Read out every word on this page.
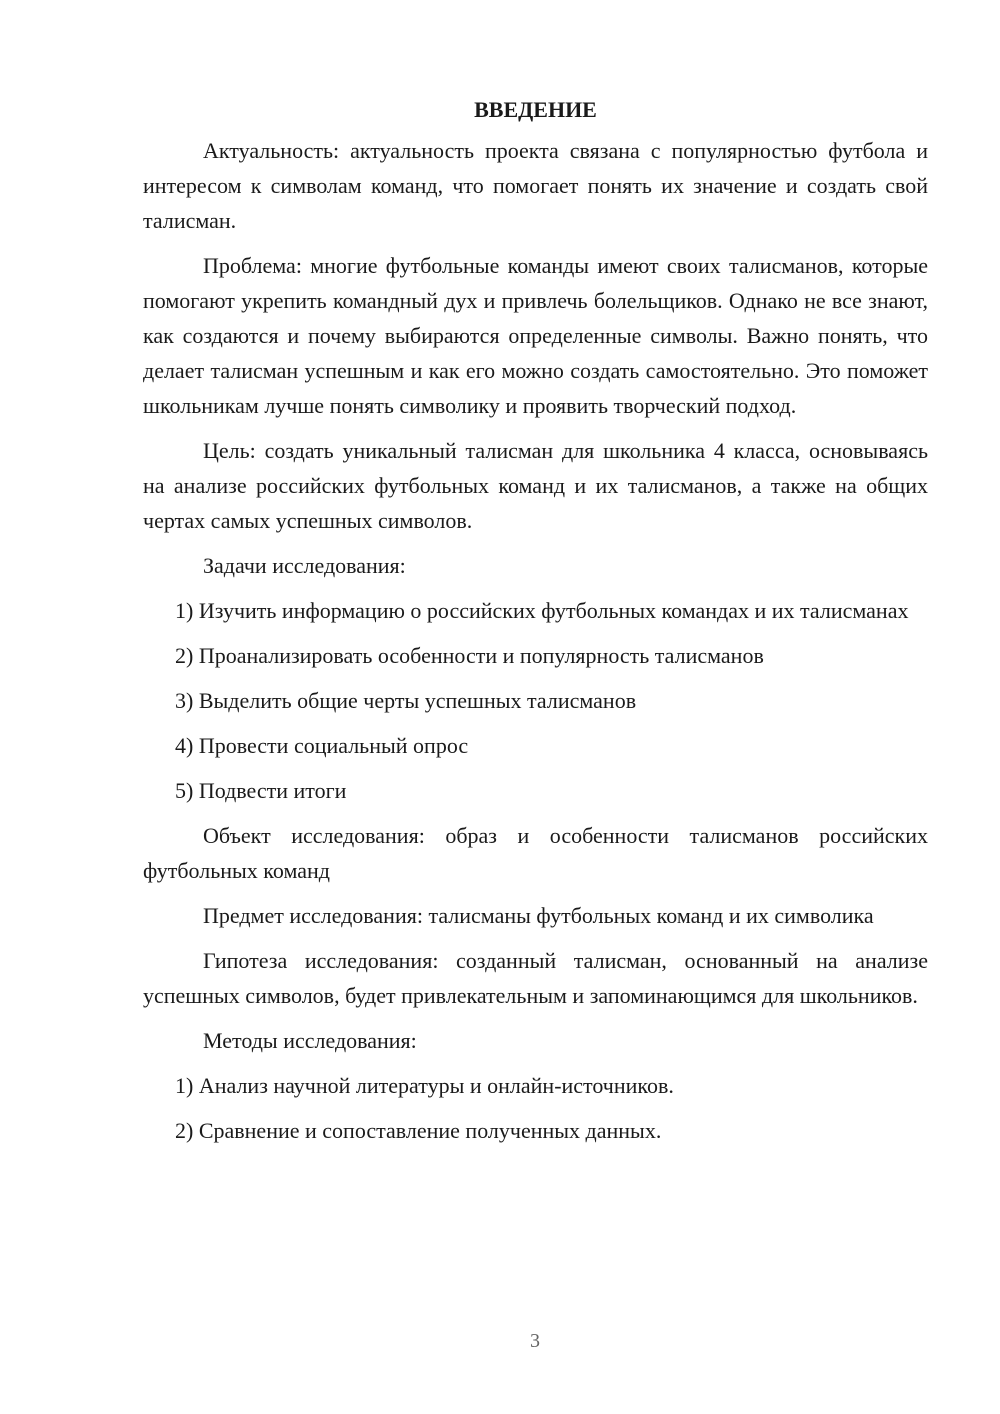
ВВЕДЕНИЕ

Актуальность: актуальность проекта связана с популярностью футбола и интересом к символам команд, что помогает понять их значение и создать свой талисман.

Проблема: многие футбольные команды имеют своих талисманов, которые помогают укрепить командный дух и привлечь болельщиков. Однако не все знают, как создаются и почему выбираются определенные символы. Важно понять, что делает талисман успешным и как его можно создать самостоятельно. Это поможет школьникам лучше понять символику и проявить творческий подход.

Цель: создать уникальный талисман для школьника 4 класса, основываясь на анализе российских футбольных команд и их талисманов, а также на общих чертах самых успешных символов.

Задачи исследования:

1) Изучить информацию о российских футбольных командах и их талисманах

2) Проанализировать особенности и популярность талисманов

3) Выделить общие черты успешных талисманов

4) Провести социальный опрос

5) Подвести итоги

Объект исследования: образ и особенности талисманов российских футбольных команд

Предмет исследования: талисманы футбольных команд и их символика

Гипотеза исследования: созданный талисман, основанный на анализе успешных символов, будет привлекательным и запоминающимся для школьников.

Методы исследования:

1) Анализ научной литературы и онлайн-источников.

2) Сравнение и сопоставление полученных данных.

3
